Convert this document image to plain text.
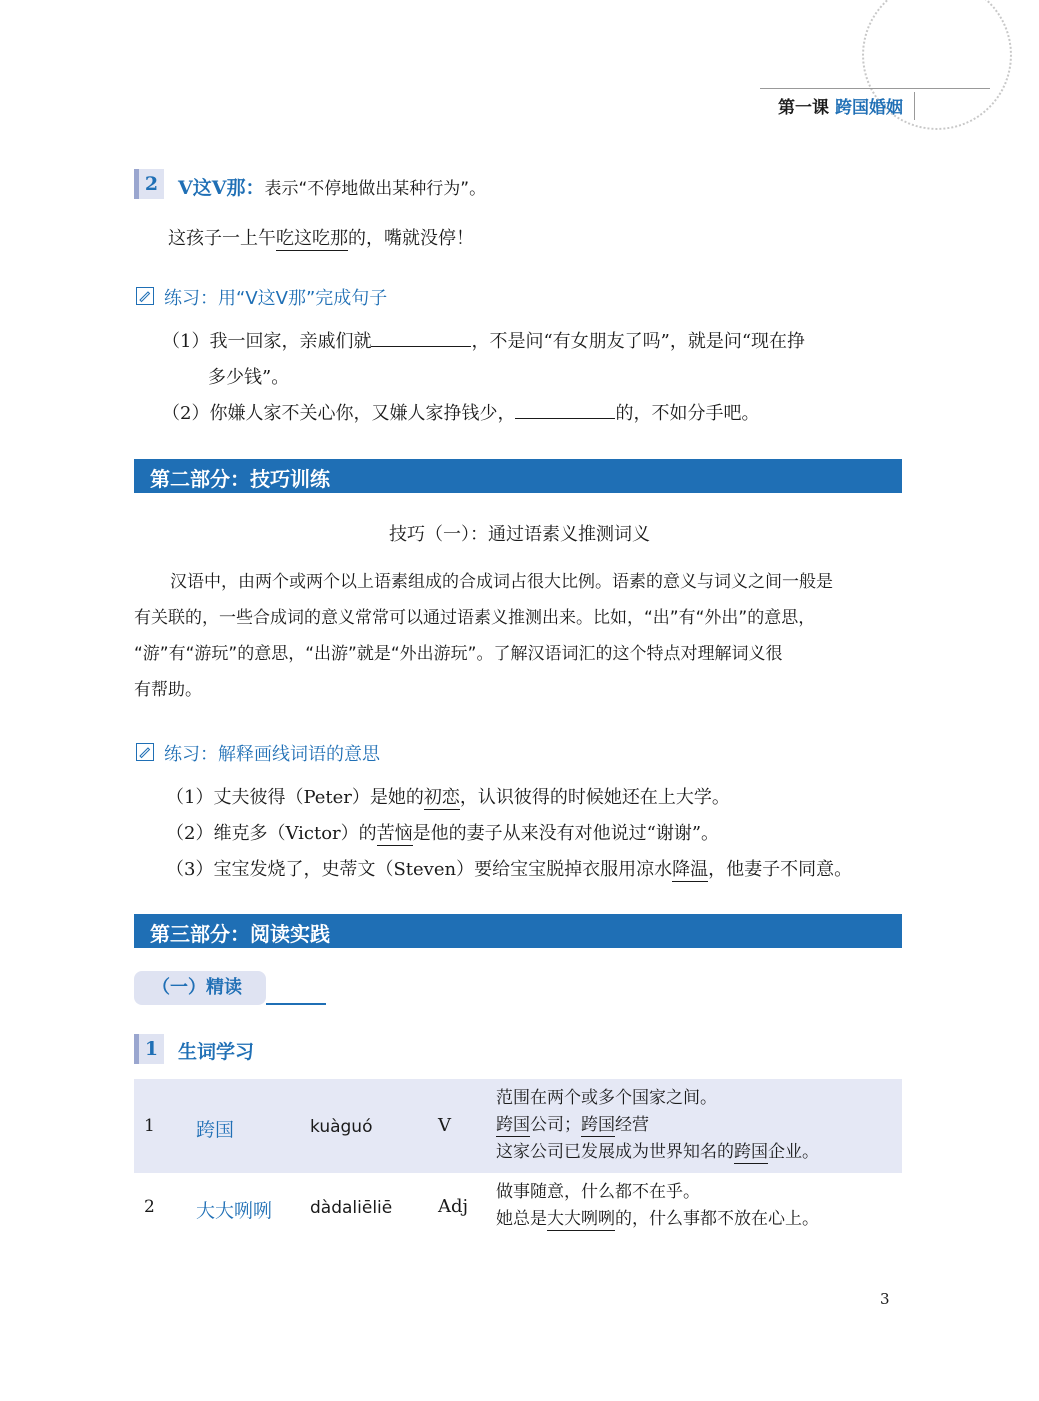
第一课 跨国婚姻
2	V这V那：表示“不停地做出某种行为”。
这孩子一上午吃这吃那的，嘴就没停！
练习：用“V这V那”完成句子
（1）我一回家，亲戚们就	，不是问“有女朋友了吗”，就是问“现在挣
多少钱”。
（2）你嫌人家不关心你，又嫌人家挣钱少，	的，不如分手吧。
第二部分：技巧训练
技巧（一）：通过语素义推测词义
汉语中，由两个或两个以上语素组成的合成词占很大比例。语素的意义与词义之间一般是
有关联的，一些合成词的意义常常可以通过语素义推测出来。比如，“出”有“外出”的意思，
“游”有“游玩”的意思，“出游”就是“外出游玩”。了解汉语词汇的这个特点对理解词义很
有帮助。
练习：解释画线词语的意思
（1）丈夫彼得（Peter）是她的初恋，认识彼得的时候她还在上大学。
（2）维克多（Victor）的苦恼是他的妻子从来没有对他说过“谢谢”。
（3）宝宝发烧了，史蒂文（Steven）要给宝宝脱掉衣服用凉水降温，他妻子不同意。
第三部分：阅读实践
（一）精读
1	生词学习
1 跨国	kuàguó	V
范围在两个或多个国家之间。
跨国公司；跨国经营
这家公司已发展成为世界知名的跨国企业。
2 大大咧咧 dàdaliēliē	Adj
做事随意，什么都不在乎。
她总是大大咧咧的，什么事都不放在心上。
3
